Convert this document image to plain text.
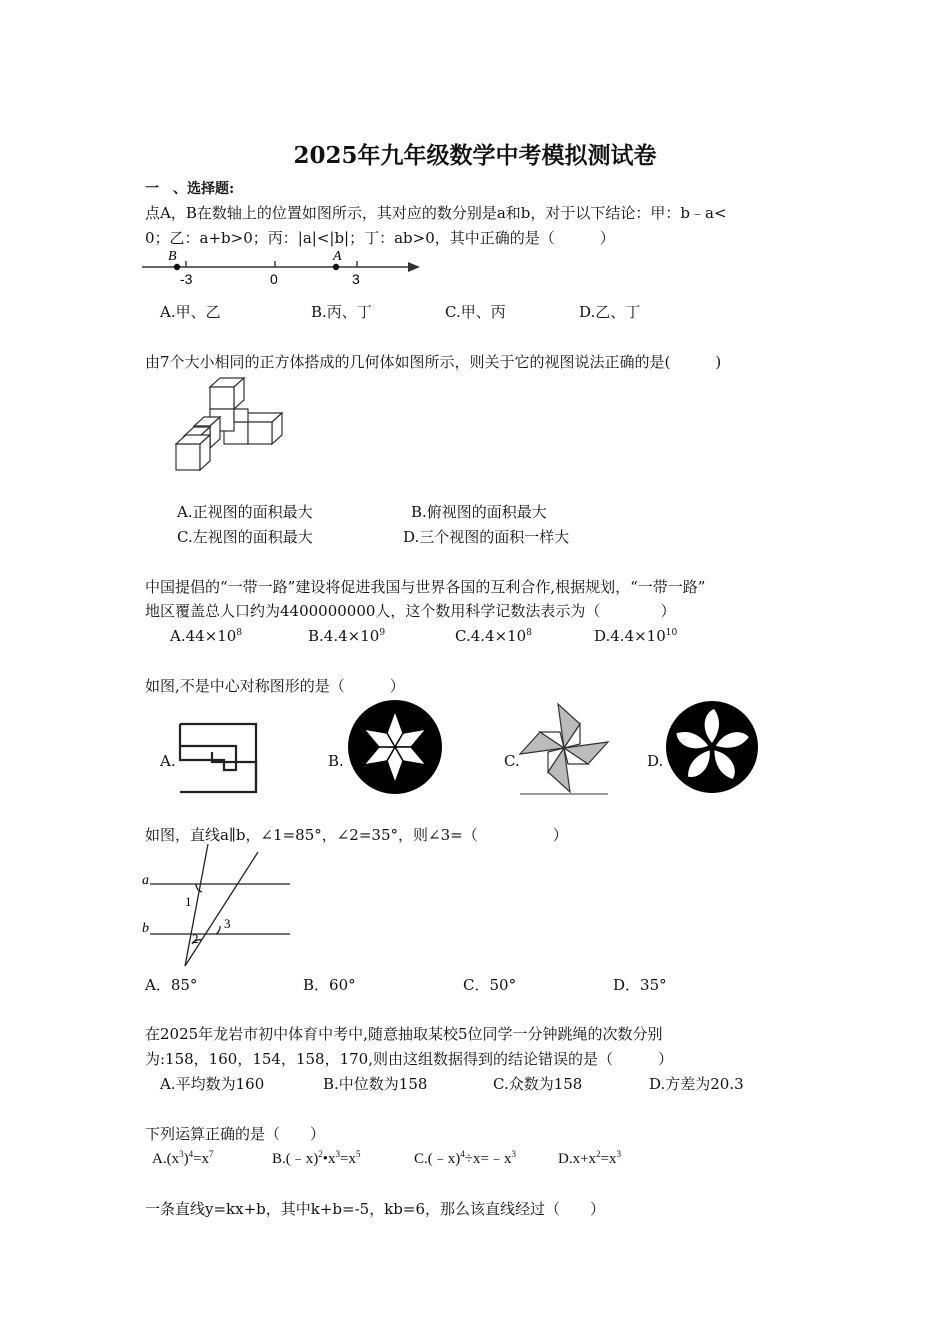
2025年九年级数学中考模拟测试卷
一　、选择题:
点A，B在数轴上的位置如图所示，其对应的数分别是a和b，对于以下结论：甲：b﹣a<
0；乙：a+b>0；丙：|a|<|b|；丁：ab>0，其中正确的是（　　　）
B	A
-3	0	3
A.甲、乙	B.丙、丁	C.甲、丙	D.乙、丁
由7个大小相同的正方体搭成的几何体如图所示，则关于它的视图说法正确的是(　　　)
A.正视图的面积最大	B.俯视图的面积最大
C.左视图的面积最大	D.三个视图的面积一样大
中国提倡的“一带一路”建设将促进我国与世界各国的互利合作,根据规划，“一带一路”
地区覆盖总人口约为4400000000人，这个数用科学记数法表示为（　　　　）
$A.44\times 10^8$	$B.4.4\times 10^9$	$C.4.4\times 10^8$	$D.4.4\times 10^{10}$
如图,不是中心对称图形的是（　　　）
A.	B.	C.	D.
如图，直线a∥b，∠1=85°，∠2=35°，则∠3=（　　　　　）
a
b
1
2
3
A．85°	B．60°	C．50°	D．35°
在2025年龙岩市初中体育中考中,随意抽取某校5位同学一分钟跳绳的次数分别
为:158，160，154，158，170,则由这组数据得到的结论错误的是（　　　）
A.平均数为160	B.中位数为158	C.众数为158	D.方差为20.3
下列运算正确的是（　　）
$A.(x^3)^4=x^7$	$B.(﹣x)^2•x^3=x^5$	$C.(﹣x)^4\div x=﹣x^3$	$D.x+x^2=x^3$
一条直线y=kx+b，其中k+b=-5，kb=6，那么该直线经过（　　）
